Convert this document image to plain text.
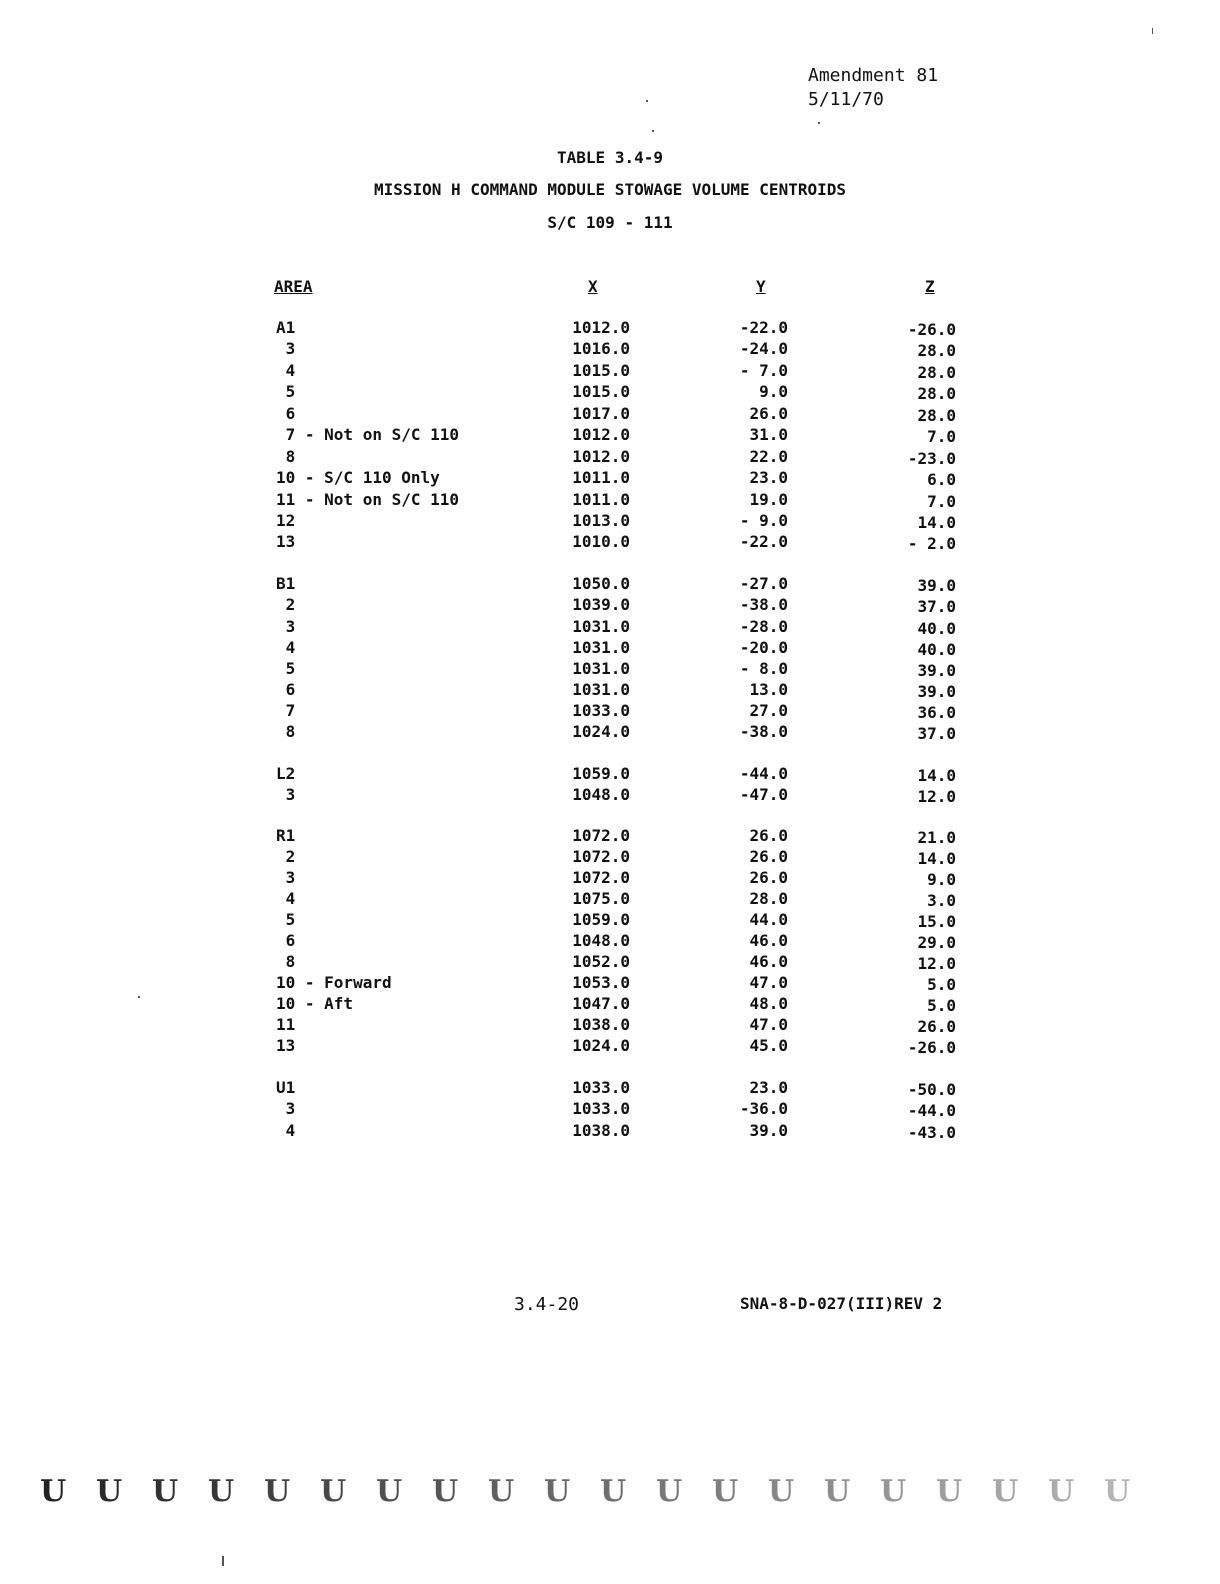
Amendment 81
5/11/70
TABLE 3.4-9
MISSION H COMMAND MODULE STOWAGE VOLUME CENTROIDS
S/C 109 - 111
AREA	X	Y	Z
A1	1012.0	-22.0	-26.0
3	1016.0	-24.0	28.0
4	1015.0	- 7.0	28.0
5	1015.0	9.0	28.0
6	1017.0	26.0	28.0
7 - Not on S/C 110	1012.0	31.0	7.0
8	1012.0	22.0	-23.0
10 - S/C 110 Only	1011.0	23.0	6.0
11 - Not on S/C 110	1011.0	19.0	7.0
12	1013.0	- 9.0	14.0
13	1010.0	-22.0	- 2.0
B1	1050.0	-27.0	39.0
2	1039.0	-38.0	37.0
3	1031.0	-28.0	40.0
4	1031.0	-20.0	40.0
5	1031.0	- 8.0	39.0
6	1031.0	13.0	39.0
7	1033.0	27.0	36.0
8	1024.0	-38.0	37.0
L2	1059.0	-44.0	14.0
3	1048.0	-47.0	12.0
R1	1072.0	26.0	21.0
2	1072.0	26.0	14.0
3	1072.0	26.0	9.0
4	1075.0	28.0	3.0
5	1059.0	44.0	15.0
6	1048.0	46.0	29.0
8	1052.0	46.0	12.0
10 - Forward	1053.0	47.0	5.0
10 - Aft	1047.0	48.0	5.0
11	1038.0	47.0	26.0
13	1024.0	45.0	-26.0
U1	1033.0	23.0	-50.0
3	1033.0	-36.0	-44.0
4	1038.0	39.0	-43.0
3.4-20	SNA-8-D-027(III)REV 2
U U U U U U U U U U U U U U U U U U U U
